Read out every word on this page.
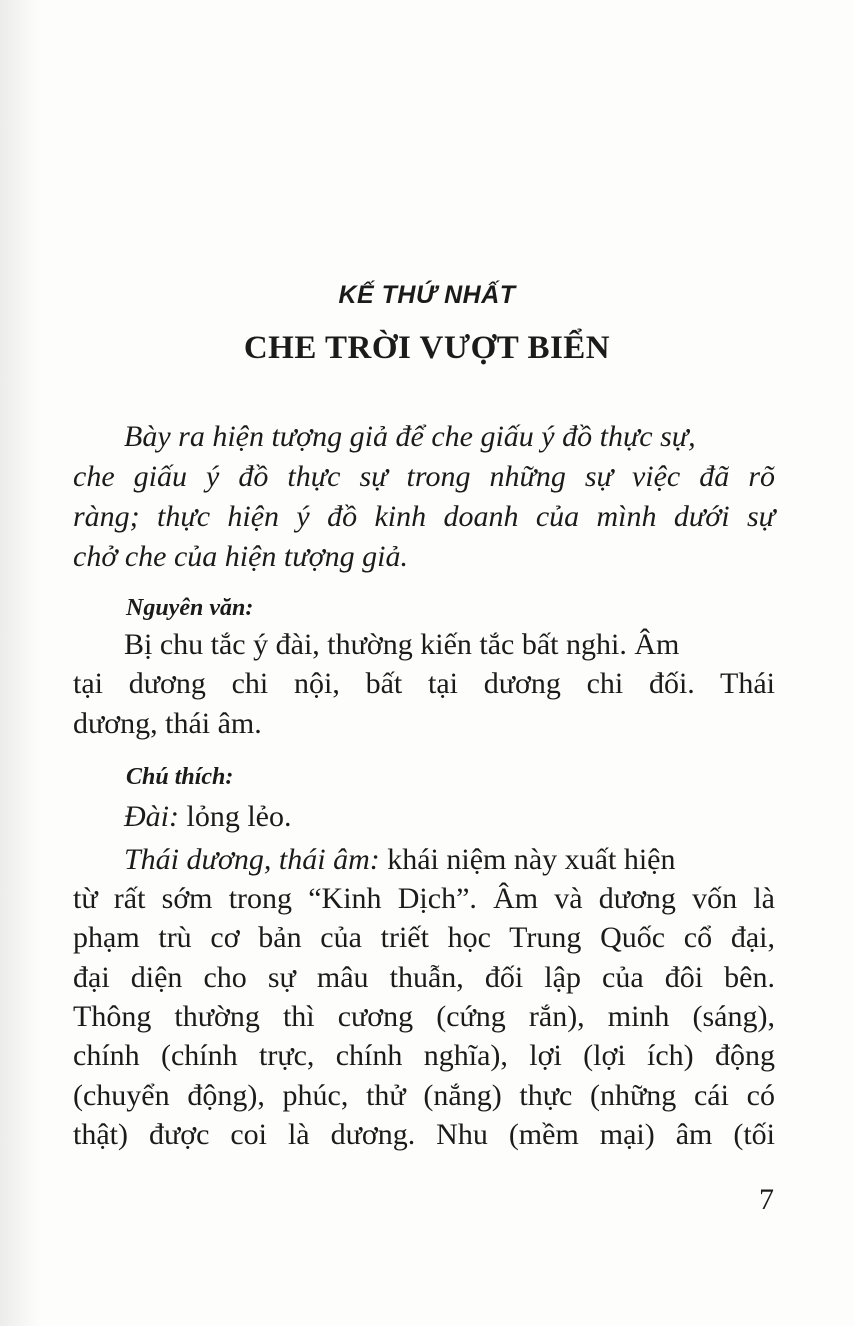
KẾ THỨ NHẤT
CHE TRỜI VƯỢT BIỂN
Bày ra hiện tượng giả để che giấu ý đồ thực sự,
che giấu ý đồ thực sự trong những sự việc đã rõ
ràng; thực hiện ý đồ kinh doanh của mình dưới sự
chở che của hiện tượng giả.
Nguyên văn:
Bị chu tắc ý đài, thường kiến tắc bất nghi. Âm
tại dương chi nội, bất tại dương chi đối. Thái
dương, thái âm.
Chú thích:
Đài: lỏng lẻo.
Thái dương, thái âm: khái niệm này xuất hiện
từ rất sớm trong “Kinh Dịch”. Âm và dương vốn là
phạm trù cơ bản của triết học Trung Quốc cổ đại,
đại diện cho sự mâu thuẫn, đối lập của đôi bên.
Thông thường thì cương (cứng rắn), minh (sáng),
chính (chính trực, chính nghĩa), lợi (lợi ích) động
(chuyển động), phúc, thử (nắng) thực (những cái có
thật) được coi là dương. Nhu (mềm mại) âm (tối
7
